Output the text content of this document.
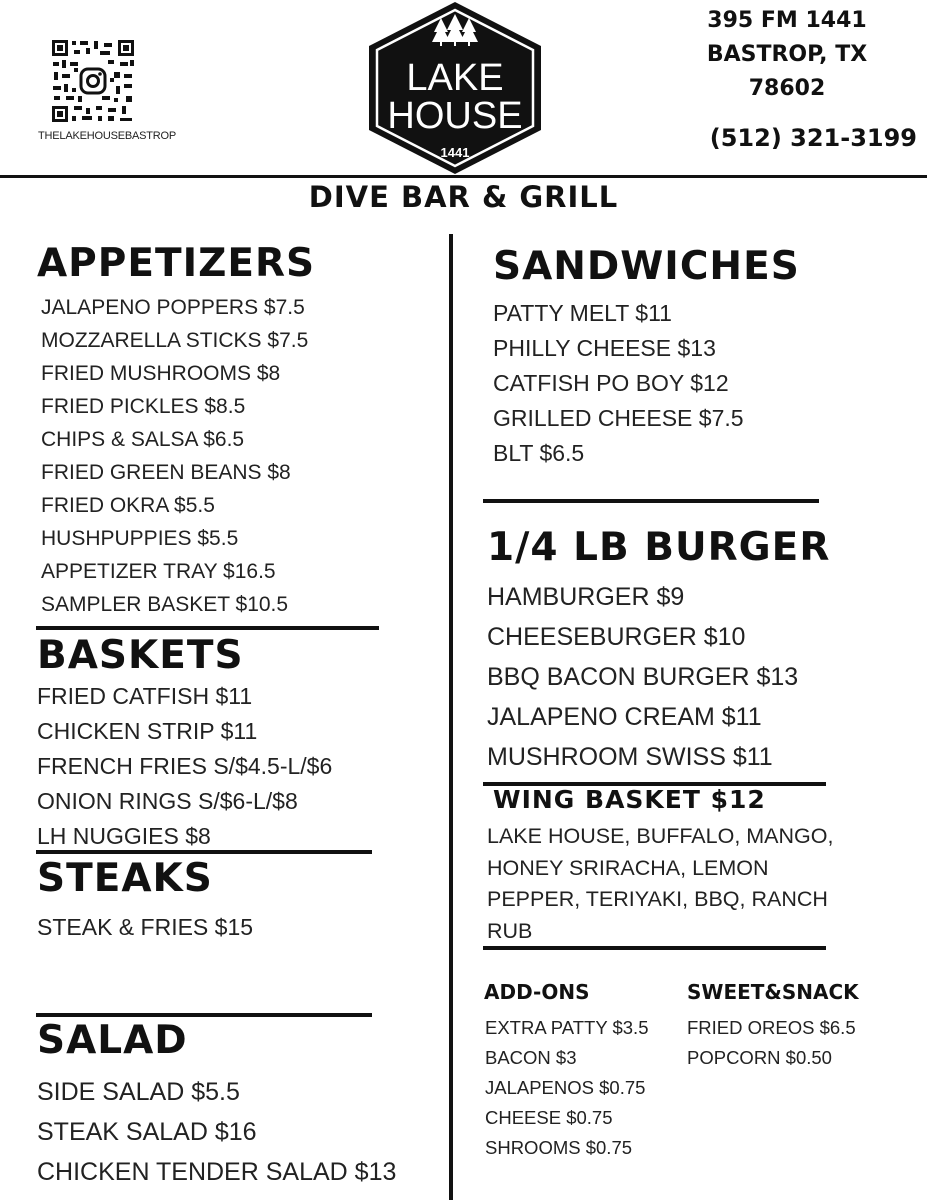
THELAKEHOUSEBASTROP
LAKE
HOUSE
1441
395 FM 1441
BASTROP, TX
78602
(512) 321-3199
DIVE BAR & GRILL
APPETIZERS
JALAPENO POPPERS $7.5
MOZZARELLA STICKS $7.5
FRIED MUSHROOMS $8
FRIED PICKLES $8.5
CHIPS & SALSA $6.5
FRIED GREEN BEANS $8
FRIED OKRA $5.5
HUSHPUPPIES $5.5
APPETIZER TRAY $16.5
SAMPLER BASKET $10.5
BASKETS
FRIED CATFISH $11
CHICKEN STRIP $11
FRENCH FRIES S/$4.5-L/$6
ONION RINGS S/$6-L/$8
LH NUGGIES $8
STEAKS
STEAK & FRIES $15
SALAD
SIDE SALAD $5.5
STEAK SALAD $16
CHICKEN TENDER SALAD $13
SANDWICHES
PATTY MELT $11
PHILLY CHEESE $13
CATFISH PO BOY $12
GRILLED CHEESE $7.5
BLT $6.5
1/4 LB BURGER
HAMBURGER $9
CHEESEBURGER $10
BBQ BACON BURGER $13
JALAPENO CREAM $11
MUSHROOM SWISS $11
WING BASKET $12
LAKE HOUSE, BUFFALO, MANGO,
HONEY SRIRACHA, LEMON
PEPPER, TERIYAKI, BBQ, RANCH
RUB
ADD-ONS
EXTRA PATTY $3.5
BACON $3
JALAPENOS $0.75
CHEESE $0.75
SHROOMS $0.75
SWEET&SNACK
FRIED OREOS $6.5
POPCORN $0.50
